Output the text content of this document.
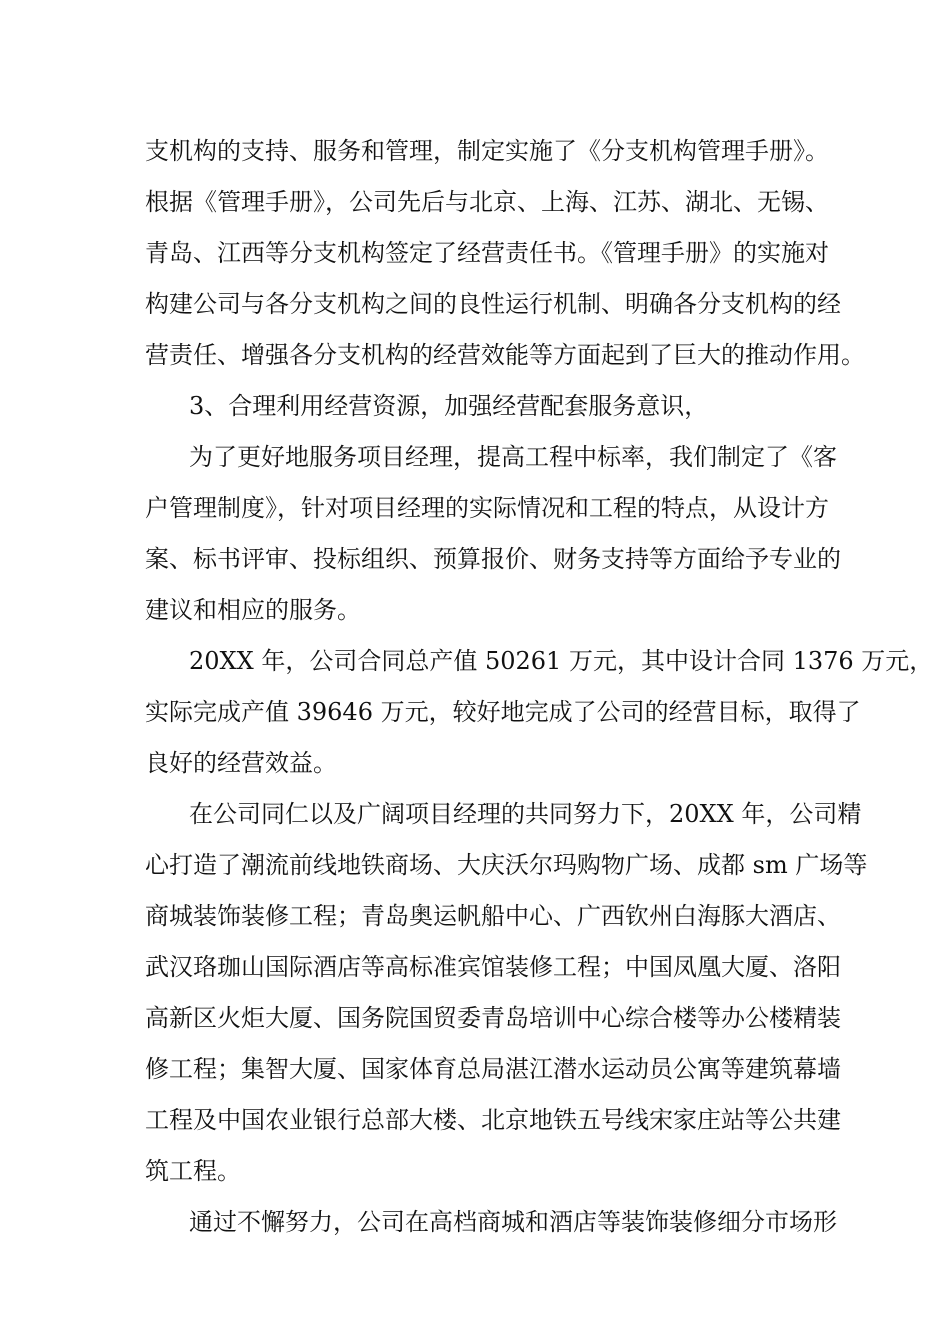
支机构的支持、服务和管理，制定实施了《分支机构管理手册》。
根据《管理手册》，公司先后与北京、上海、江苏、湖北、无锡、
青岛、江西等分支机构签定了经营责任书。《管理手册》的实施对
构建公司与各分支机构之间的良性运行机制、明确各分支机构的经
营责任、增强各分支机构的经营效能等方面起到了巨大的推动作用。
3、合理利用经营资源，加强经营配套服务意识，
为了更好地服务项目经理，提高工程中标率，我们制定了《客
户管理制度》，针对项目经理的实际情况和工程的特点，从设计方
案、标书评审、投标组织、预算报价、财务支持等方面给予专业的
建议和相应的服务。
20XX 年，公司合同总产值 50261 万元，其中设计合同 1376 万元，
实际完成产值 39646 万元，较好地完成了公司的经营目标，取得了
良好的经营效益。
在公司同仁以及广阔项目经理的共同努力下，20XX 年，公司精
心打造了潮流前线地铁商场、大庆沃尔玛购物广场、成都 sm 广场等
商城装饰装修工程；青岛奥运帆船中心、广西钦州白海豚大酒店、
武汉珞珈山国际酒店等高标准宾馆装修工程；中国凤凰大厦、洛阳
高新区火炬大厦、国务院国贸委青岛培训中心综合楼等办公楼精装
修工程；集智大厦、国家体育总局湛江潜水运动员公寓等建筑幕墙
工程及中国农业银行总部大楼、北京地铁五号线宋家庄站等公共建
筑工程。
通过不懈努力，公司在高档商城和酒店等装饰装修细分市场形
